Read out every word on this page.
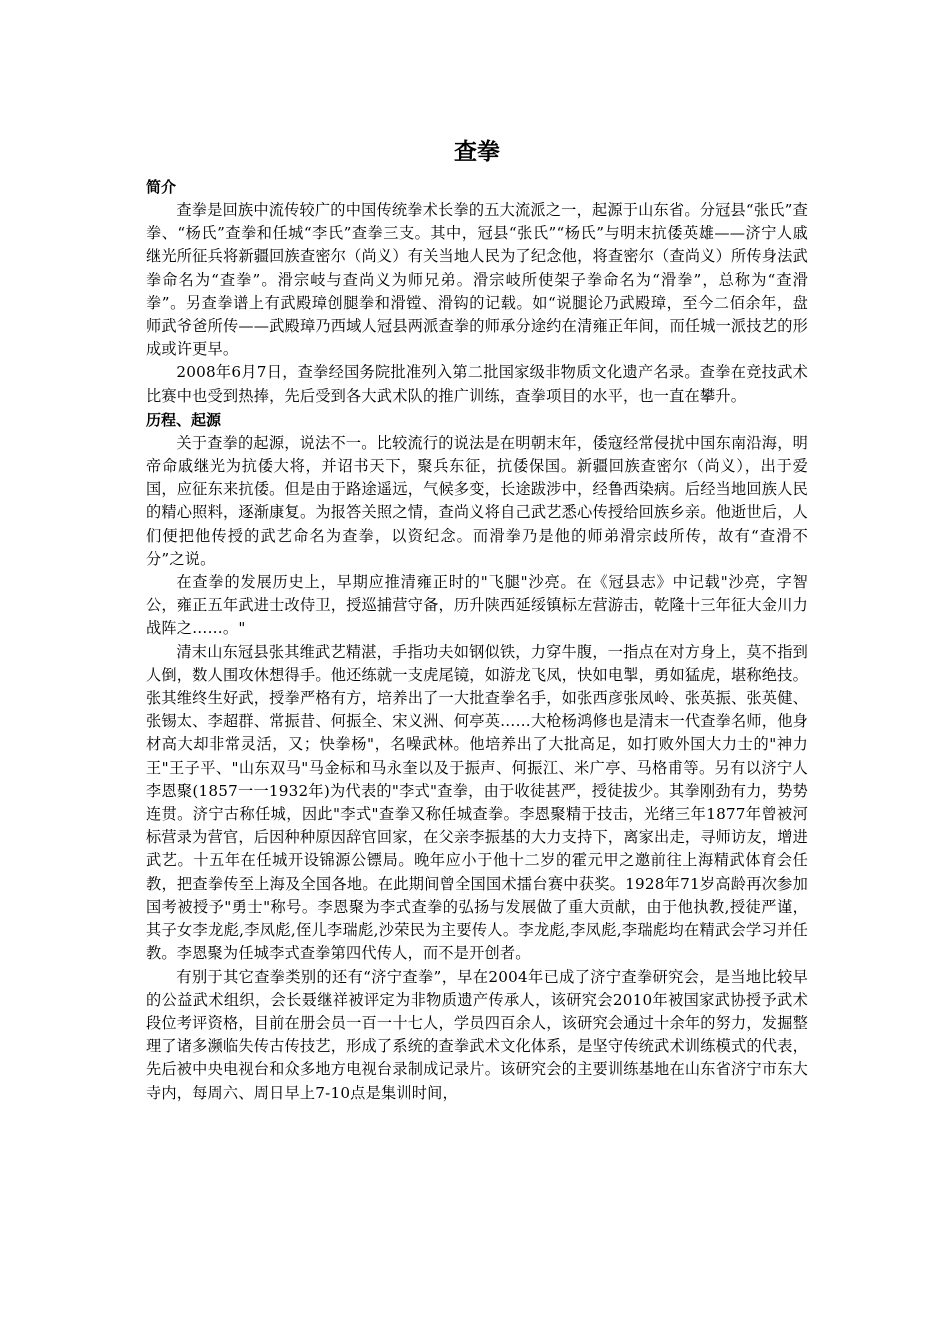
查拳
简介

查拳是回族中流传较广的中国传统拳术长拳的五大流派之一，起源于山东省。分冠县“张氏”查拳、“杨氏”查拳和任城“李氏”查拳三支。其中，冠县“张氏”“杨氏”与明末抗倭英雄——济宁人戚继光所征兵将新疆回族查密尔（尚义）有关当地人民为了纪念他，将查密尔（查尚义）所传身法武拳命名为“查拳”。滑宗岐与查尚义为师兄弟。滑宗岐所使架子拳命名为“滑拳”，总称为“查滑拳”。另查拳谱上有武殿璋创腿拳和滑镗、滑钩的记载。如“说腿论乃武殿璋，至今二佰余年，盘师武爷爸所传——武殿璋乃西域人冠县两派查拳的师承分途约在清雍正年间，而任城一派技艺的形成或许更早。

2008年6月7日，查拳经国务院批准列入第二批国家级非物质文化遗产名录。查拳在竞技武术比赛中也受到热捧，先后受到各大武术队的推广训练，查拳项目的水平，也一直在攀升。

历程、起源

关于查拳的起源，说法不一。比较流行的说法是在明朝末年，倭寇经常侵扰中国东南沿海，明帝命戚继光为抗倭大将，并诏书天下，聚兵东征，抗倭保国。新疆回族查密尔（尚义），出于爱国，应征东来抗倭。但是由于路途遥远，气候多变，长途跋涉中，经鲁西染病。后经当地回族人民的精心照料，逐渐康复。为报答关照之情，查尚义将自己武艺悉心传授给回族乡亲。他逝世后，人们便把他传授的武艺命名为查拳，以资纪念。而滑拳乃是他的师弟滑宗歧所传，故有“查滑不分”之说。

在查拳的发展历史上，早期应推清雍正时的"飞腿"沙亮。在《冠县志》中记载"沙亮，字智公，雍正五年武进士改侍卫，授巡捕营守备，历升陕西延绥镇标左营游击，乾隆十三年征大金川力战阵之……。"

清末山东冠县张其维武艺精湛，手指功夫如钢似铁，力穿牛腹，一指点在对方身上，莫不指到人倒，数人围攻休想得手。他还练就一支虎尾镜，如游龙飞凤，快如电掣，勇如猛虎，堪称绝技。张其维终生好武，授拳严格有方，培养出了一大批查拳名手，如张西彦张凤岭、张英振、张英健、张锡太、李超群、常振昔、何振全、宋义洲、何亭英……大枪杨鸿修也是清末一代查拳名师，他身材高大却非常灵活，又；快拳杨"，名噪武林。他培养出了大批高足，如打败外国大力士的"神力王"王子平、"山东双马"马金标和马永奎以及于振声、何振江、米广亭、马格甫等。另有以济宁人李恩聚(1857一一1932年)为代表的"李式"查拳，由于收徒甚严，授徒拔少。其拳刚劲有力，势势连贯。济宁古称任城，因此"李式"查拳又称任城查拳。李恩聚精于技击，光绪三年1877年曾被河标营录为营官，后因种种原因辞官回家，在父亲李振基的大力支持下，离家出走，寻师访友，增进武艺。十五年在任城开设锦源公镖局。晚年应小于他十二岁的霍元甲之邀前往上海精武体育会任教，把查拳传至上海及全国各地。在此期间曾全国国术擂台赛中获奖。1928年71岁高龄再次参加国考被授予"勇士"称号。李恩聚为李式查拳的弘扬与发展做了重大贡献，由于他执教,授徒严谨，其子女李龙彪,李凤彪,侄儿李瑞彪,沙荣民为主要传人。李龙彪,李凤彪,李瑞彪均在精武会学习并任教。李恩聚为任城李式查拳第四代传人，而不是开创者。

有别于其它查拳类别的还有“济宁查拳”，早在2004年已成了济宁查拳研究会，是当地比较早的公益武术组织，会长聂继祥被评定为非物质遗产传承人，该研究会2010年被国家武协授予武术段位考评资格，目前在册会员一百一十七人，学员四百余人，该研究会通过十余年的努力，发掘整理了诸多濒临失传古传技艺，形成了系统的查拳武术文化体系，是坚守传统武术训练模式的代表，先后被中央电视台和众多地方电视台录制成记录片。该研究会的主要训练基地在山东省济宁市东大寺内，每周六、周日早上7-10点是集训时间，
